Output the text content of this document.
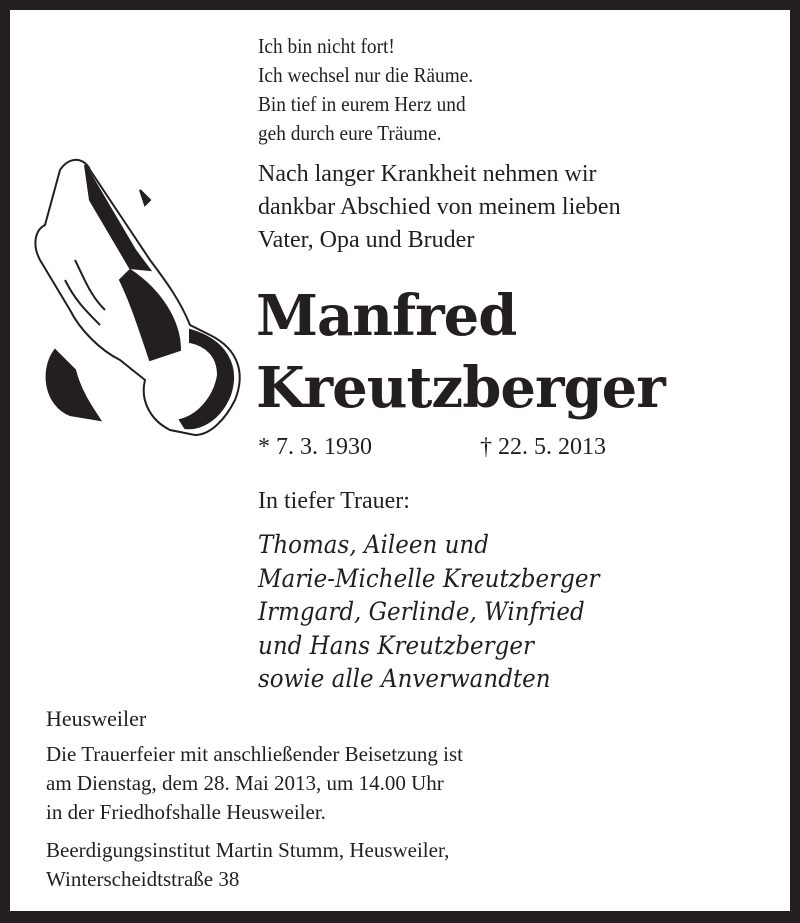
Ich bin nicht fort!
Ich wechsel nur die Räume.
Bin tief in eurem Herz und
geh durch eure Träume.
Nach langer Krankheit nehmen wir
dankbar Abschied von meinem lieben
Vater, Opa und Bruder
Manfred
Kreutzberger
* 7. 3. 1930	† 22. 5. 2013
In tiefer Trauer:
Thomas, Aileen und
Marie-Michelle Kreutzberger
Irmgard, Gerlinde, Winfried
und Hans Kreutzberger
sowie alle Anverwandten
Heusweiler
Die Trauerfeier mit anschließender Beisetzung ist
am Dienstag, dem 28. Mai 2013, um 14.00 Uhr
in der Friedhofshalle Heusweiler.
Beerdigungsinstitut Martin Stumm, Heusweiler,
Winterscheidtstraße 38
